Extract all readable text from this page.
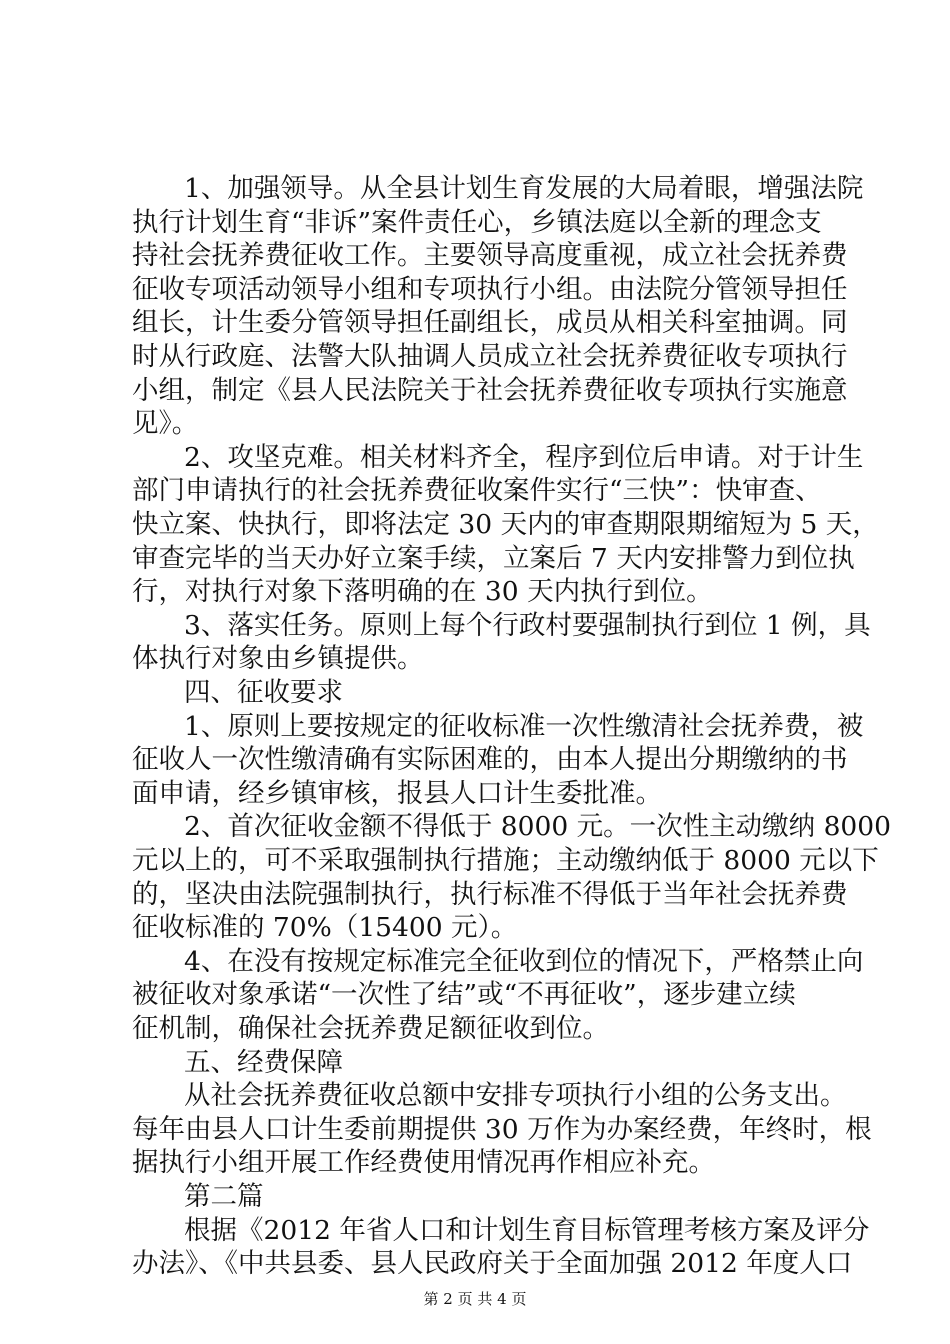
1、加强领导。从全县计划生育发展的大局着眼，增强法院
执行计划生育“非诉”案件责任心，乡镇法庭以全新的理念支
持社会抚养费征收工作。主要领导高度重视，成立社会抚养费
征收专项活动领导小组和专项执行小组。由法院分管领导担任
组长，计生委分管领导担任副组长，成员从相关科室抽调。同
时从行政庭、法警大队抽调人员成立社会抚养费征收专项执行
小组，制定《县人民法院关于社会抚养费征收专项执行实施意
见》。
2、攻坚克难。相关材料齐全，程序到位后申请。对于计生
部门申请执行的社会抚养费征收案件实行“三快”：快审查、
快立案、快执行，即将法定 30 天内的审查期限期缩短为 5 天，
审查完毕的当天办好立案手续，立案后 7 天内安排警力到位执
行，对执行对象下落明确的在 30 天内执行到位。
3、落实任务。原则上每个行政村要强制执行到位 1 例，具
体执行对象由乡镇提供。
四、征收要求
1、原则上要按规定的征收标准一次性缴清社会抚养费，被
征收人一次性缴清确有实际困难的，由本人提出分期缴纳的书
面申请，经乡镇审核，报县人口计生委批准。
2、首次征收金额不得低于 8000 元。一次性主动缴纳 8000
元以上的，可不采取强制执行措施；主动缴纳低于 8000 元以下
的，坚决由法院强制执行，执行标准不得低于当年社会抚养费
征收标准的 70%（15400 元）。
4、在没有按规定标准完全征收到位的情况下，严格禁止向
被征收对象承诺“一次性了结”或“不再征收”，逐步建立续
征机制，确保社会抚养费足额征收到位。
五、经费保障
从社会抚养费征收总额中安排专项执行小组的公务支出。
每年由县人口计生委前期提供 30 万作为办案经费，年终时，根
据执行小组开展工作经费使用情况再作相应补充。
第二篇
根据《2012 年省人口和计划生育目标管理考核方案及评分
办法》、《中共县委、县人民政府关于全面加强 2012 年度人口
第 2 页 共 4 页
